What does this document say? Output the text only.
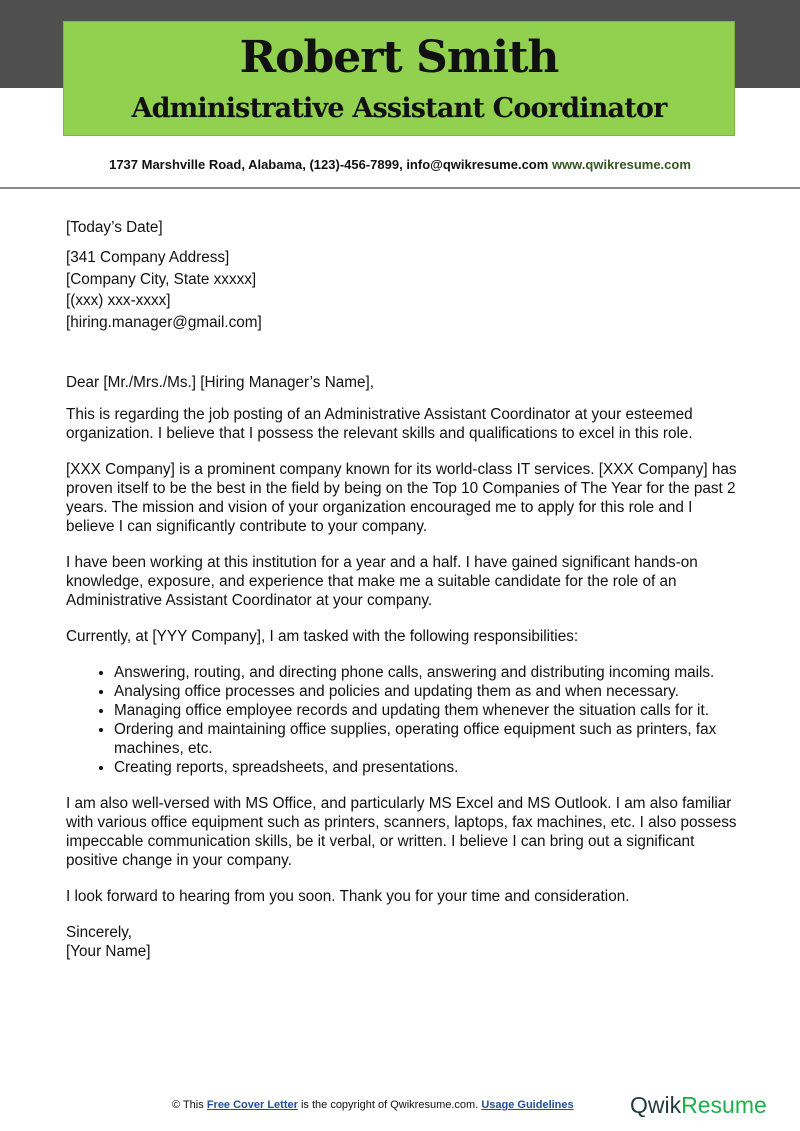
Robert Smith
Administrative Assistant Coordinator
1737 Marshville Road, Alabama, (123)-456-7899, info@qwikresume.com www.qwikresume.com

[Today’s Date]

[341 Company Address]

[Company City, State xxxxx]

[(xxx) xxx-xxxx]

[hiring.manager@gmail.com]

Dear [Mr./Mrs./Ms.] [Hiring Manager’s Name],

This is regarding the job posting of an Administrative Assistant Coordinator at your esteemed organization. I believe that I possess the relevant skills and qualifications to excel in this role.

[XXX Company] is a prominent company known for its world-class IT services. [XXX Company] has proven itself to be the best in the field by being on the Top 10 Companies of The Year for the past 2 years. The mission and vision of your organization encouraged me to apply for this role and I believe I can significantly contribute to your company.

I have been working at this institution for a year and a half. I have gained significant hands-on knowledge, exposure, and experience that make me a suitable candidate for the role of an Administrative Assistant Coordinator at your company.

Currently, at [YYY Company], I am tasked with the following responsibilities:

• Answering, routing, and directing phone calls, answering and distributing incoming mails.
• Analysing office processes and policies and updating them as and when necessary.
• Managing office employee records and updating them whenever the situation calls for it.
• Ordering and maintaining office supplies, operating office equipment such as printers, fax machines, etc.
• Creating reports, spreadsheets, and presentations.

I am also well-versed with MS Office, and particularly MS Excel and MS Outlook. I am also familiar with various office equipment such as printers, scanners, laptops, fax machines, etc. I also possess impeccable communication skills, be it verbal, or written. I believe I can bring out a significant positive change in your company.

I look forward to hearing from you soon. Thank you for your time and consideration.

Sincerely,

[Your Name]

© This Free Cover Letter is the copyright of Qwikresume.com. Usage Guidelines QwikResume
